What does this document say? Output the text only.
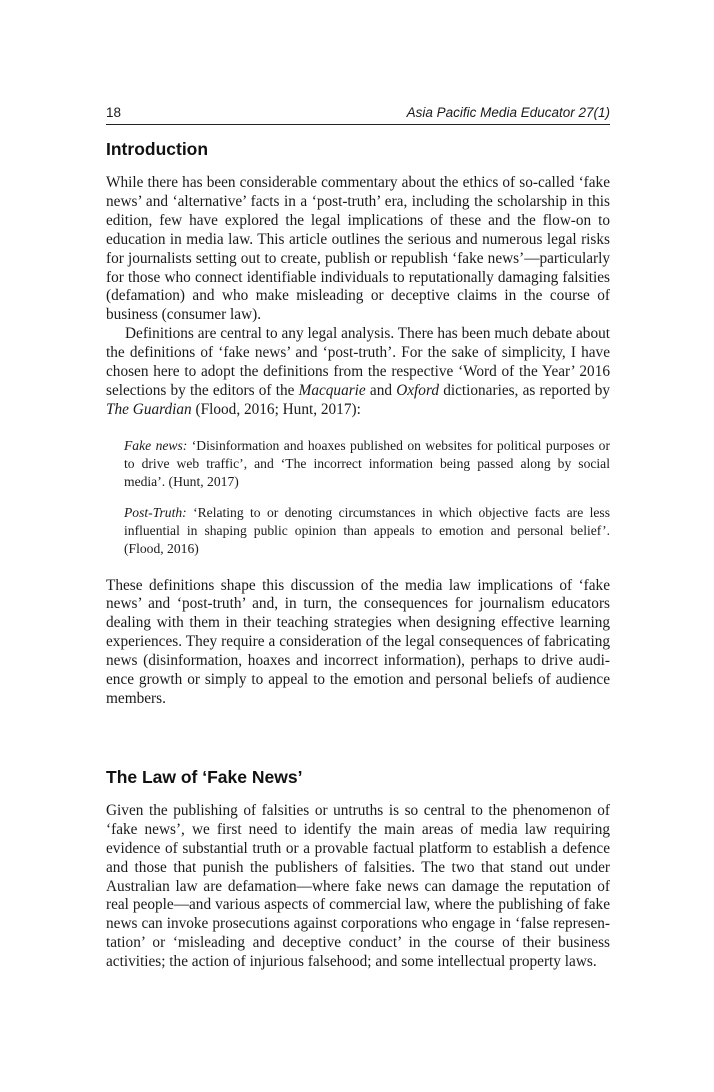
18	Asia Pacific Media Educator 27(1)
Introduction

While there has been considerable commentary about the ethics of so-called ‘fake news’ and ‘alternative’ facts in a ‘post-truth’ era, including the scholarship in this edition, few have explored the legal implications of these and the flow-on to education in media law. This article outlines the serious and numerous legal risks for journalists setting out to create, publish or republish ‘fake news’—particularly for those who connect identifiable individuals to reputationally damaging falsities (defamation) and who make misleading or deceptive claims in the course of business (consumer law).

Definitions are central to any legal analysis. There has been much debate about the definitions of ‘fake news’ and ‘post-truth’. For the sake of simplicity, I have chosen here to adopt the definitions from the respective ‘Word of the Year’ 2016 selections by the editors of the Macquarie and Oxford dictionaries, as reported by The Guardian (Flood, 2016; Hunt, 2017):

Fake news: ‘Disinformation and hoaxes published on websites for political purposes or to drive web traffic’, and ‘The incorrect information being passed along by social media’. (Hunt, 2017)

Post-Truth: ‘Relating to or denoting circumstances in which objective facts are less influential in shaping public opinion than appeals to emotion and personal belief’. (Flood, 2016)

These definitions shape this discussion of the media law implications of ‘fake news’ and ‘post-truth’ and, in turn, the consequences for journalism educators dealing with them in their teaching strategies when designing effective learning experiences. They require a consideration of the legal consequences of fabricating news (disinformation, hoaxes and incorrect information), perhaps to drive audience growth or simply to appeal to the emotion and personal beliefs of audience members.

The Law of ‘Fake News’

Given the publishing of falsities or untruths is so central to the phenomenon of ‘fake news’, we first need to identify the main areas of media law requiring evidence of substantial truth or a provable factual platform to establish a defence and those that punish the publishers of falsities. The two that stand out under Australian law are defamation—where fake news can damage the reputation of real people—and various aspects of commercial law, where the publishing of fake news can invoke prosecutions against corporations who engage in ‘false representation’ or ‘misleading and deceptive conduct’ in the course of their business activities; the action of injurious falsehood; and some intellectual property laws.
